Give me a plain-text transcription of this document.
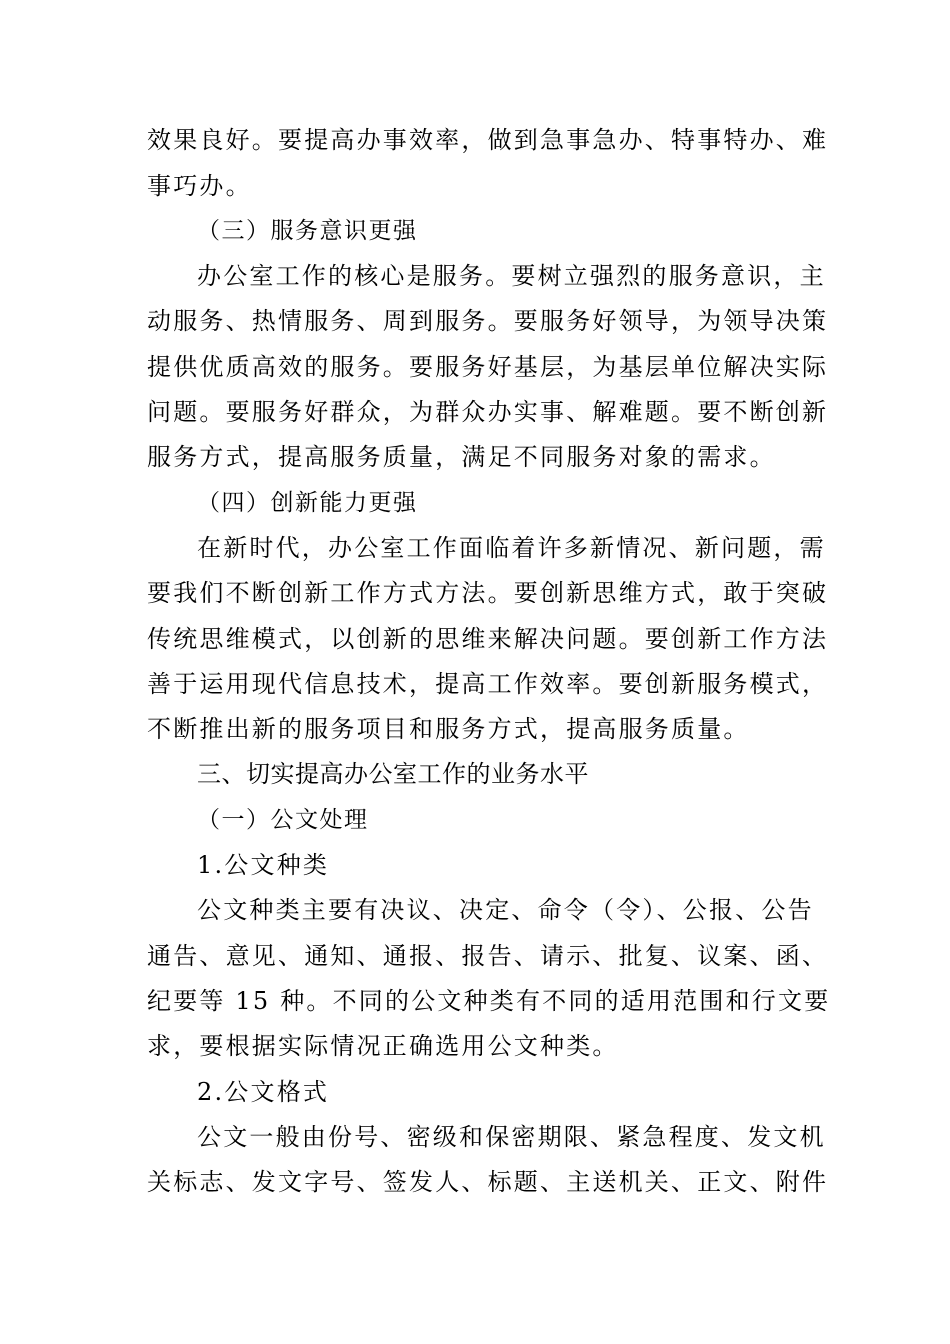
效果良好。要提高办事效率，做到急事急办、特事特办、难
事巧办。
（三）服务意识更强
办公室工作的核心是服务。要树立强烈的服务意识，主
动服务、热情服务、周到服务。要服务好领导，为领导决策
提供优质高效的服务。要服务好基层，为基层单位解决实际
问题。要服务好群众，为群众办实事、解难题。要不断创新
服务方式，提高服务质量，满足不同服务对象的需求。
（四）创新能力更强
在新时代，办公室工作面临着许多新情况、新问题，需
要我们不断创新工作方式方法。要创新思维方式，敢于突破
传统思维模式，以创新的思维来解决问题。要创新工作方法
善于运用现代信息技术，提高工作效率。要创新服务模式，
不断推出新的服务项目和服务方式，提高服务质量。
三、切实提高办公室工作的业务水平
（一）公文处理
1.公文种类
公文种类主要有决议、决定、命令（令）、公报、公告
通告、意见、通知、通报、报告、请示、批复、议案、函、
纪要等 15 种。不同的公文种类有不同的适用范围和行文要
求，要根据实际情况正确选用公文种类。
2.公文格式
公文一般由份号、密级和保密期限、紧急程度、发文机
关标志、发文字号、签发人、标题、主送机关、正文、附件
